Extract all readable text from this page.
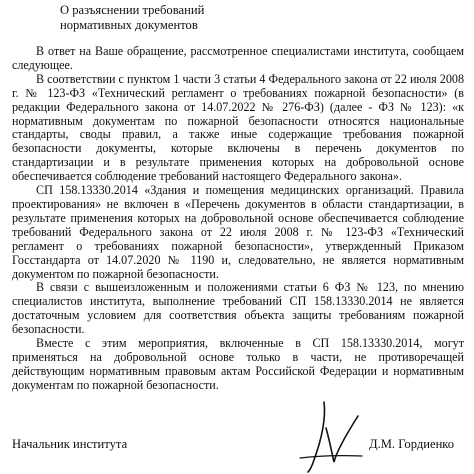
О разъяснении требований
нормативных документов

В ответ на Ваше обращение, рассмотренное специалистами института, сообщаем следующее.

В соответствии с пунктом 1 части 3 статьи 4 Федерального закона от 22 июля 2008 г. № 123-ФЗ «Технический регламент о требованиях пожарной безопасности» (в редакции Федерального закона от 14.07.2022 № 276-ФЗ) (далее - ФЗ № 123): «к нормативным документам по пожарной безопасности относятся национальные стандарты, своды правил, а также иные содержащие требования пожарной безопасности документы, которые включены в перечень документов по стандартизации и в результате применения которых на добровольной основе обеспечивается соблюдение требований настоящего Федерального закона».

СП 158.13330.2014 «Здания и помещения медицинских организаций. Правила проектирования» не включен в «Перечень документов в области стандартизации, в результате применения которых на добровольной основе обеспечивается соблюдение требований Федерального закона от 22 июля 2008 г. № 123-ФЗ «Технический регламент о требованиях пожарной безопасности», утвержденный Приказом Госстандарта от 14.07.2020 № 1190 и, следовательно, не является нормативным документом по пожарной безопасности.

В связи с вышеизложенным и положениями статьи 6 ФЗ № 123, по мнению специалистов института, выполнение требований СП 158.13330.2014 не является достаточным условием для соответствия объекта защиты требованиям пожарной безопасности.

Вместе с этим мероприятия, включенные в СП 158.13330.2014, могут применяться на добровольной основе только в части, не противоречащей действующим нормативным правовым актам Российской Федерации и нормативным документам по пожарной безопасности.

Начальник института	Д.М. Гордиенко
